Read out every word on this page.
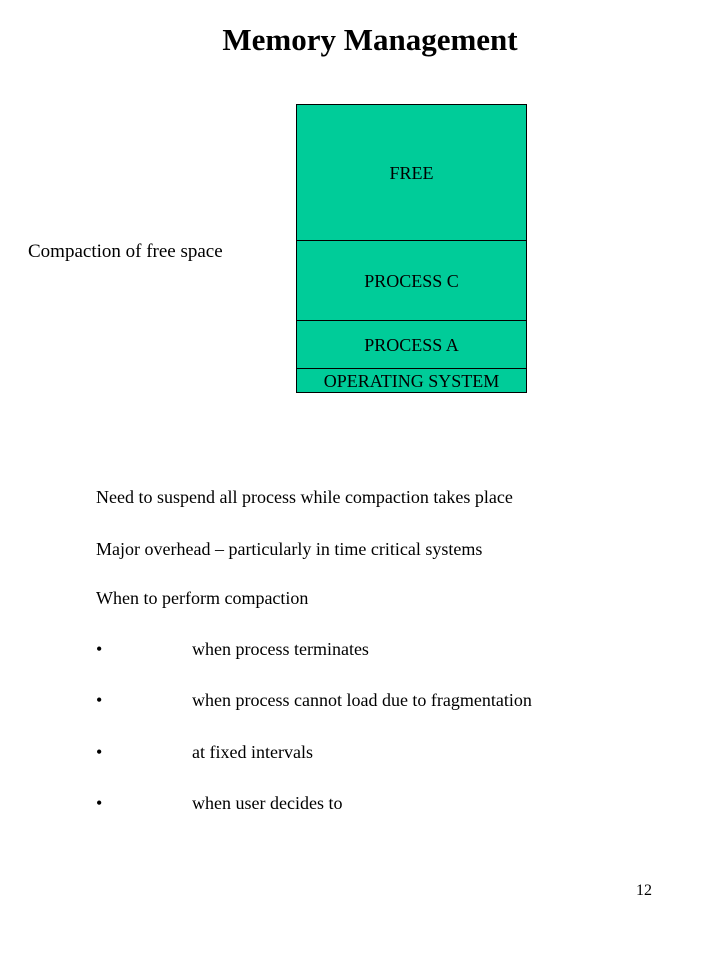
Memory Management
Compaction of free space
FREE
PROCESS C
PROCESS A
OPERATING SYSTEM
Need to suspend all process while compaction takes place
Major overhead – particularly in time critical systems
When to perform compaction
•	when process terminates
•	when process cannot load due to fragmentation
•	at fixed intervals
•	when user decides to
12
